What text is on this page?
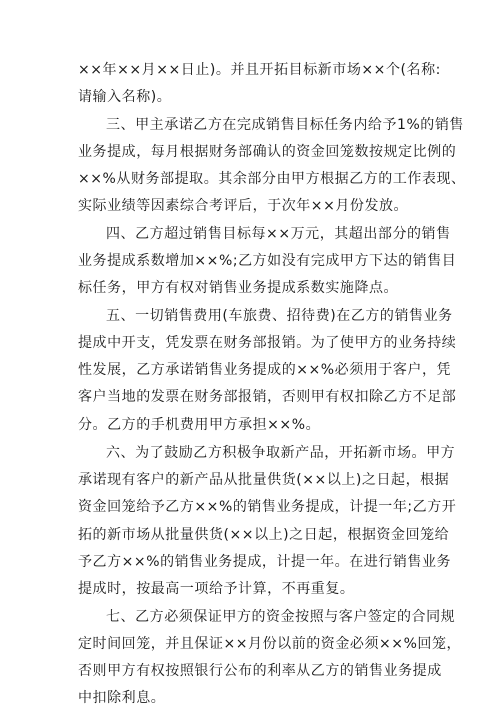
××年××月××日止)。并且开拓目标新市场××个(名称:
请输入名称)。
三、甲主承诺乙方在完成销售目标任务内给予1%的销售
业务提成，每月根据财务部确认的资金回笼数按规定比例的
××%从财务部提取。其余部分由甲方根据乙方的工作表现、
实际业绩等因素综合考评后，于次年××月份发放。
四、乙方超过销售目标每××万元，其超出部分的销售
业务提成系数增加××%;乙方如没有完成甲方下达的销售目
标任务，甲方有权对销售业务提成系数实施降点。
五、一切销售费用(车旅费、招待费)在乙方的销售业务
提成中开支，凭发票在财务部报销。为了使甲方的业务持续
性发展，乙方承诺销售业务提成的××%必须用于客户，凭
客户当地的发票在财务部报销，否则甲有权扣除乙方不足部
分。乙方的手机费用甲方承担××%。
六、为了鼓励乙方积极争取新产品，开拓新市场。甲方
承诺现有客户的新产品从批量供货(××以上)之日起，根据
资金回笼给予乙方××%的销售业务提成，计提一年;乙方开
拓的新市场从批量供货(××以上)之日起，根据资金回笼给
予乙方××%的销售业务提成，计提一年。在进行销售业务
提成时，按最高一项给予计算，不再重复。
七、乙方必须保证甲方的资金按照与客户签定的合同规
定时间回笼，并且保证××月份以前的资金必须××%回笼，
否则甲方有权按照银行公布的利率从乙方的销售业务提成
中扣除利息。
